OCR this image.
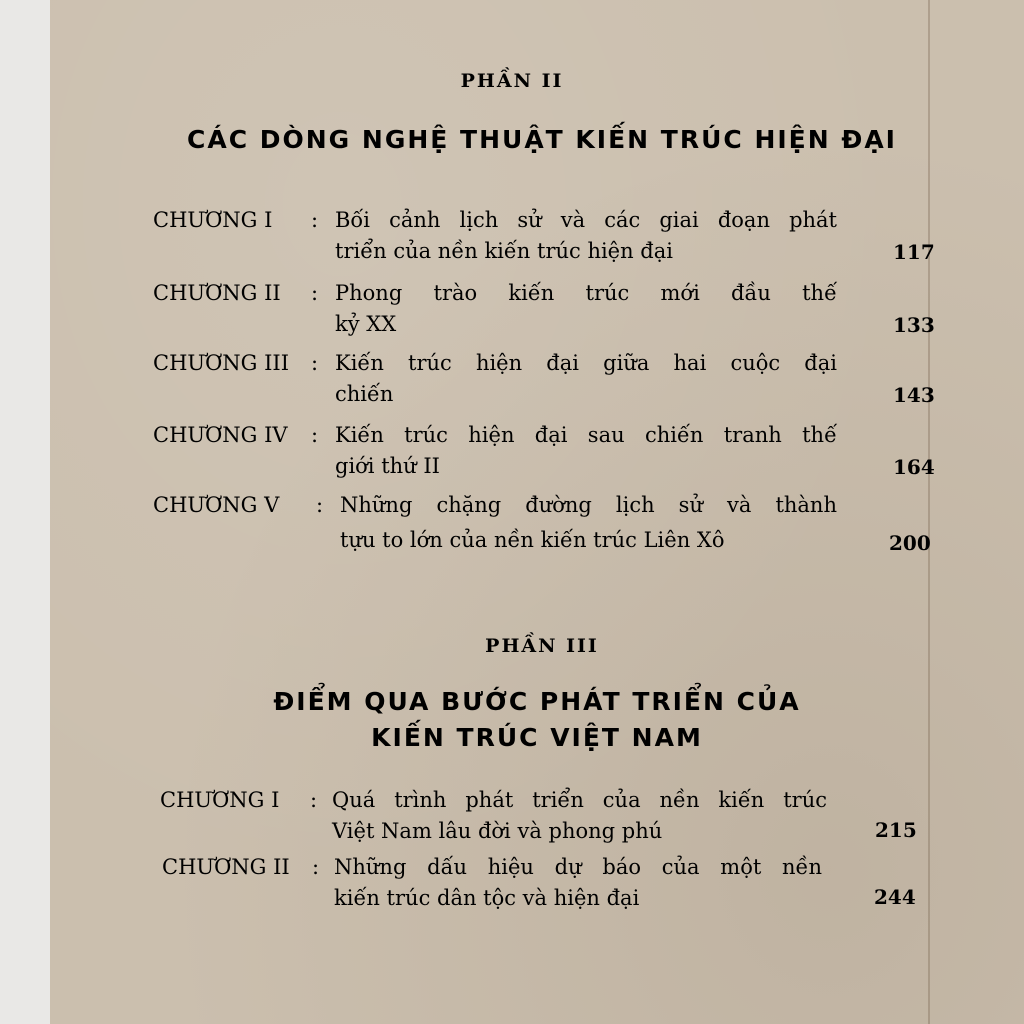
PHẦN II
CÁC DÒNG NGHỆ THUẬT KIẾN TRÚC HIỆN ĐẠI
CHƯƠNG I : Bối cảnh lịch sử và các giai đoạn phát
triển của nền kiến trúc hiện đại	117
CHƯƠNG II : Phong trào kiến trúc mới đầu thế
kỷ XX	133
CHƯƠNG III : Kiến trúc hiện đại giữa hai cuộc đại
chiến	143
CHƯƠNG IV : Kiến trúc hiện đại sau chiến tranh thế
giới thứ II	164
CHƯƠNG V : Những chặng đường lịch sử và thành
tựu to lớn của nền kiến trúc Liên Xô	200
PHẦN III
ĐIỂM QUA BƯỚC PHÁT TRIỂN CỦA
KIẾN TRÚC VIỆT NAM
CHƯƠNG I : Quá trình phát triển của nền kiến trúc
Việt Nam lâu đời và phong phú	215
CHƯƠNG II : Những dấu hiệu dự báo của một nền
kiến trúc dân tộc và hiện đại	244
